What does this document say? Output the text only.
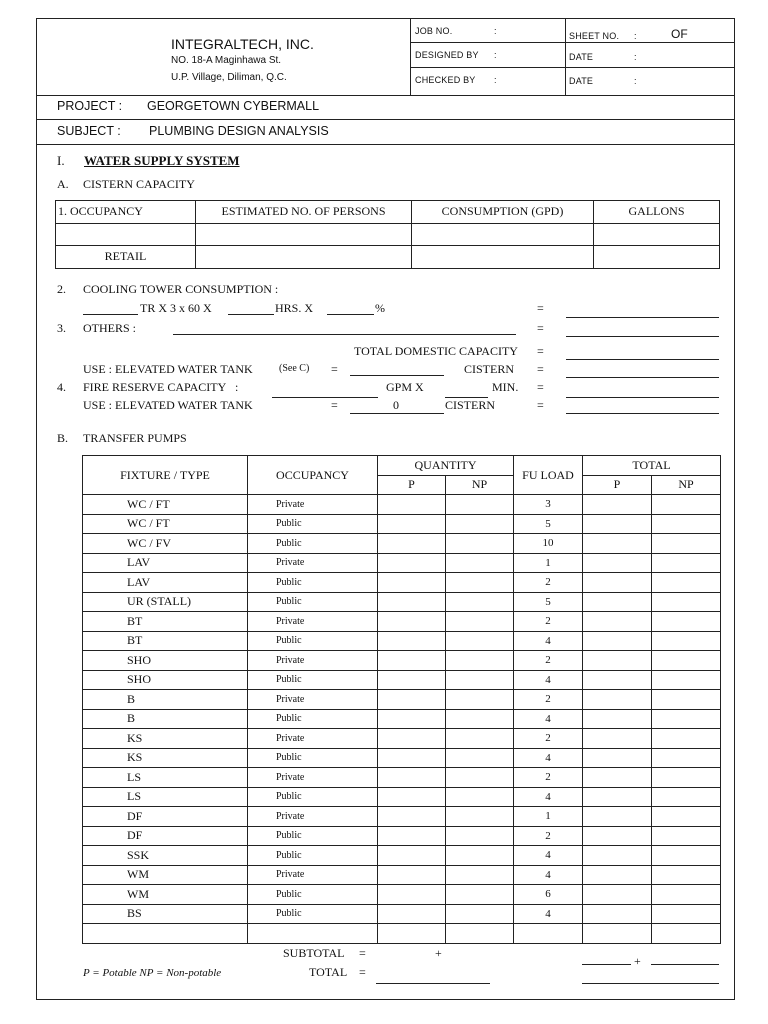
INTEGRALTECH, INC.
NO. 18-A Maginhawa St.
U.P. Village, Diliman, Q.C.
JOB NO.	:
DESIGNED BY :
CHECKED BY :
SHEET NO. :	OF
DATE	:
DATE	:
PROJECT : GEORGETOWN CYBERMALL
SUBJECT : PLUMBING DESIGN ANALYSIS
I. WATER SUPPLY SYSTEM
A. CISTERN CAPACITY
1. OCCUPANCY	ESTIMATED NO. OF PERSONS	CONSUMPTION (GPD)	GALLONS

RETAIL			
2. COOLING TOWER CONSUMPTION :
TR X 3 x 60 X	HRS. X	%	=
3. OTHERS :	=
TOTAL DOMESTIC CAPACITY =
USE : ELEVATED WATER TANK	(See C) =	CISTERN =
4. FIRE RESERVE CAPACITY :	GPM X	MIN. =
USE : ELEVATED WATER TANK	=	0	CISTERN	=
B. TRANSFER PUMPS
FIXTURE / TYPE	OCCUPANCY	QUANTITY		FU LOAD	TOTAL	
		P	NP		P	NP
WC / FT	Private			3		
WC / FT	Public			5		
WC / FV	Public			10		
LAV	Private			1		
LAV	Public			2		
UR (STALL)	Public			5		
BT	Private			2		
BT	Public			4		
SHO	Private			2		
SHO	Public			4		
B	Private			2		
B	Public			4		
KS	Private			2		
KS	Public			4		
LS	Private			2		
LS	Public			4		
DF	Private			1		
DF	Public			2		
SSK	Public			4		
WM	Private			4		
WM	Public			6		
BS	Public			4		

SUBTOTAL =	+
+
P = Potable NP = Non-potable	TOTAL =
